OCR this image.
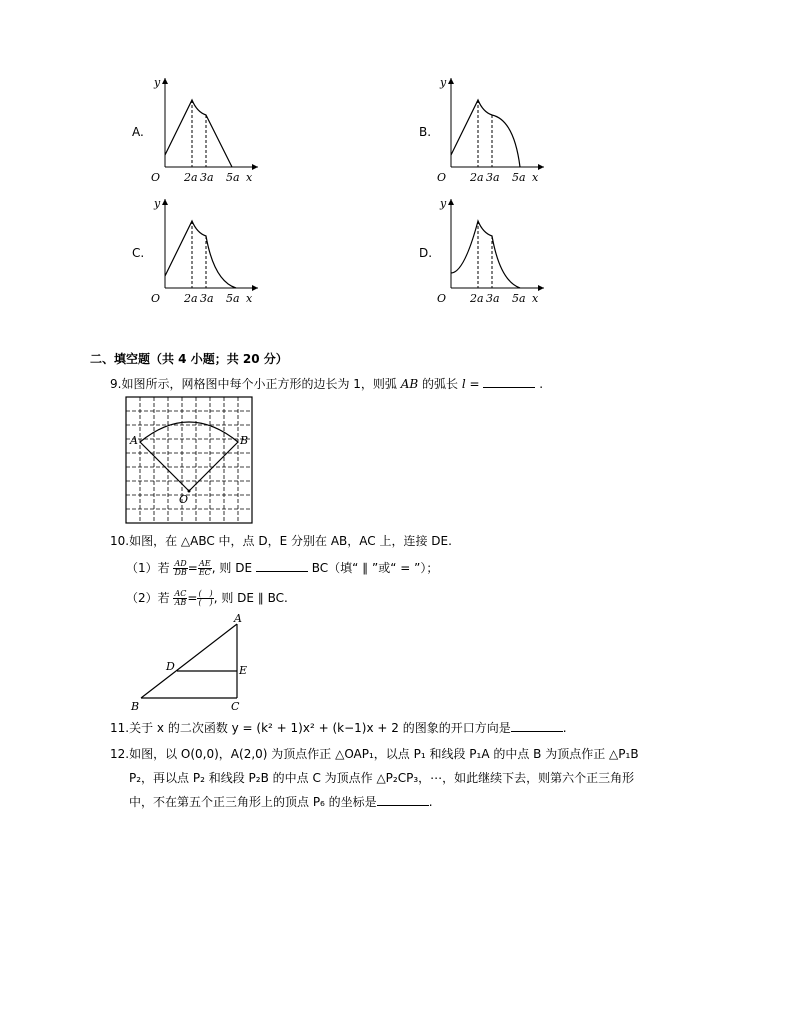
A.	B.
C.	D.
y
x
O 2a 3a 5a
y
x
O 2a 3a 5a
y
x
O 2a 3a 5a
y
x
O 2a 3a 5a
二、填空题（共 4 小题；共 20 分）
9.如图所示，网格图中每个小正方形的边长为 1，则弧 AB 的弧长 l =	.
A	B
O
10.如图，在 △ABC 中，点 D，E 分别在 AB，AC 上，连接 DE.
（1）若 $\frac{AD}{DB} = \frac{AE}{EC}$ , 则 DE	BC（填“ ∥ ”或“ = ”）；
（2）若 $\frac{AC}{AB} = \frac{( )}{( )}$ , 则 DE ∥ BC.
A
B	C
D	E
11.关于 x 的二次函数 y = (k² + 1)x² + (k−1)x + 2 的图象的开口方向是	.
12.如图，以 O(0,0)，A(2,0) 为顶点作正 △OAP₁，以点 P₁ 和线段 P₁A 的中点 B 为顶点作正 △P₁B
P₂，再以点 P₂ 和线段 P₂B 的中点 C 为顶点作 △P₂CP₃，⋯，如此继续下去，则第六个正三角形
中，不在第五个正三角形上的顶点 P₆ 的坐标是	.
